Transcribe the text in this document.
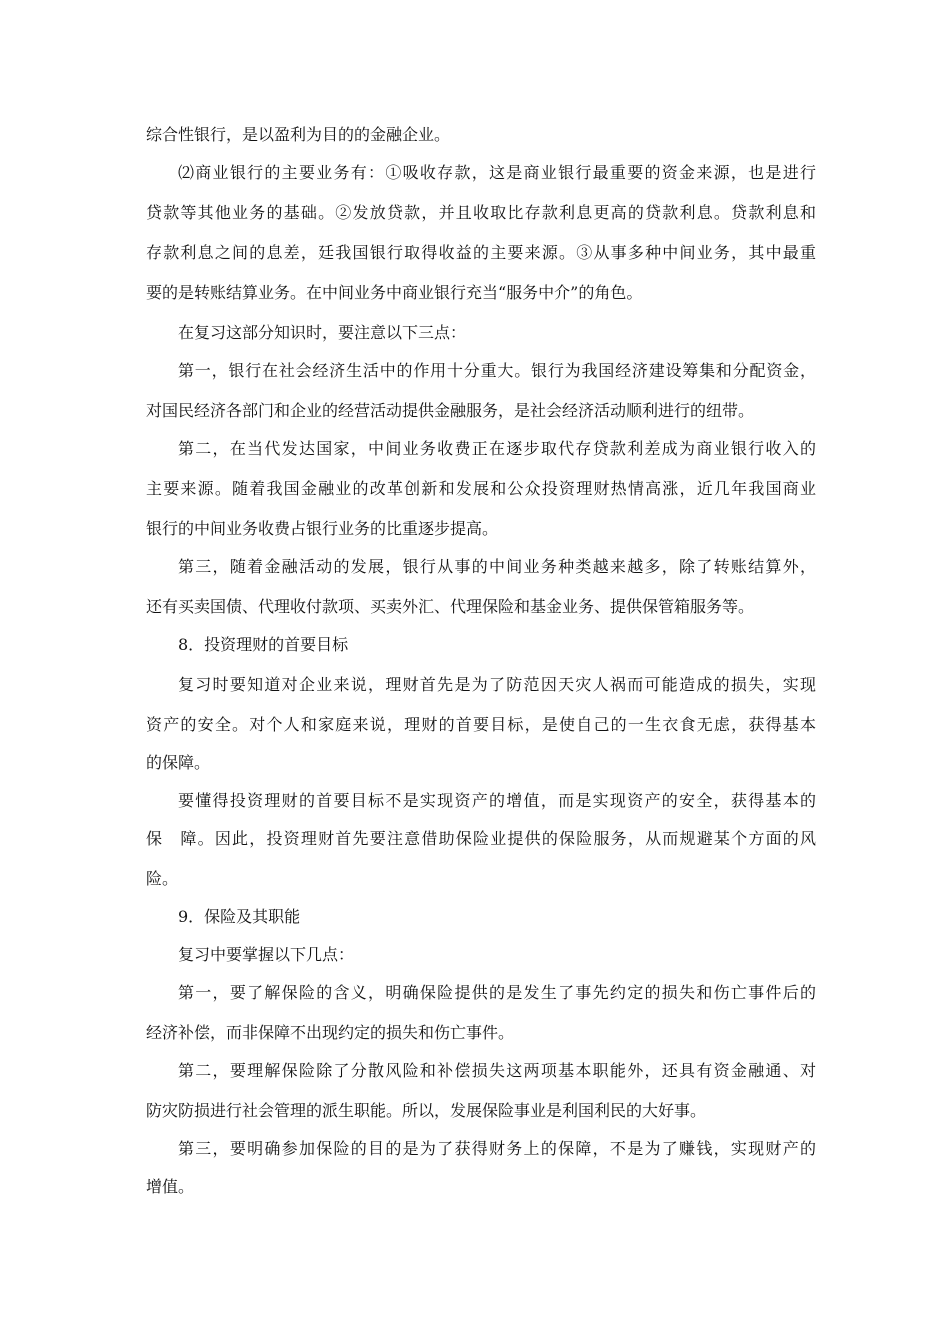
综合性银行，是以盈利为目的的金融企业。
⑵商业银行的主要业务有：①吸收存款，这是商业银行最重要的资金来源，也是进行
贷款等其他业务的基础。②发放贷款，并且收取比存款利息更高的贷款利息。贷款利息和
存款利息之间的息差，廷我国银行取得收益的主要来源。③从事多种中间业务，其中最重
要的是转账结算业务。在中间业务中商业银行充当“服务中介”的角色。
在复习这部分知识时，要注意以下三点：
第一，银行在社会经济生活中的作用十分重大。银行为我国经济建设筹集和分配资金，
对国民经济各部门和企业的经营活动提供金融服务，是社会经济活动顺利进行的纽带。
第二，在当代发达国家，中间业务收费正在逐步取代存贷款利差成为商业银行收入的
主要来源。随着我国金融业的改革创新和发展和公众投资理财热情高涨，近几年我国商业
银行的中间业务收费占银行业务的比重逐步提高。
第三，随着金融活动的发展，银行从事的中间业务种类越来越多，除了转账结算外，
还有买卖国债、代理收付款项、买卖外汇、代理保险和基金业务、提供保管箱服务等。
8．投资理财的首要目标
复习时要知道对企业来说，理财首先是为了防范因天灾人祸而可能造成的损失，实现
资产的安全。对个人和家庭来说，理财的首要目标，是使自己的一生衣食无虑，获得基本
的保障。
要懂得投资理财的首要目标不是实现资产的增值，而是实现资产的安全，获得基本的
保　障。因此，投资理财首先要注意借助保险业提供的保险服务，从而规避某个方面的风
险。
9．保险及其职能
复习中要掌握以下几点：
第一，要了解保险的含义，明确保险提供的是发生了事先约定的损失和伤亡事件后的
经济补偿，而非保障不出现约定的损失和伤亡事件。
第二，要理解保险除了分散风险和补偿损失这两项基本职能外，还具有资金融通、对
防灾防损进行社会管理的派生职能。所以，发展保险事业是利国利民的大好事。
第三，要明确参加保险的目的是为了获得财务上的保障，不是为了赚钱，实现财产的
增值。
